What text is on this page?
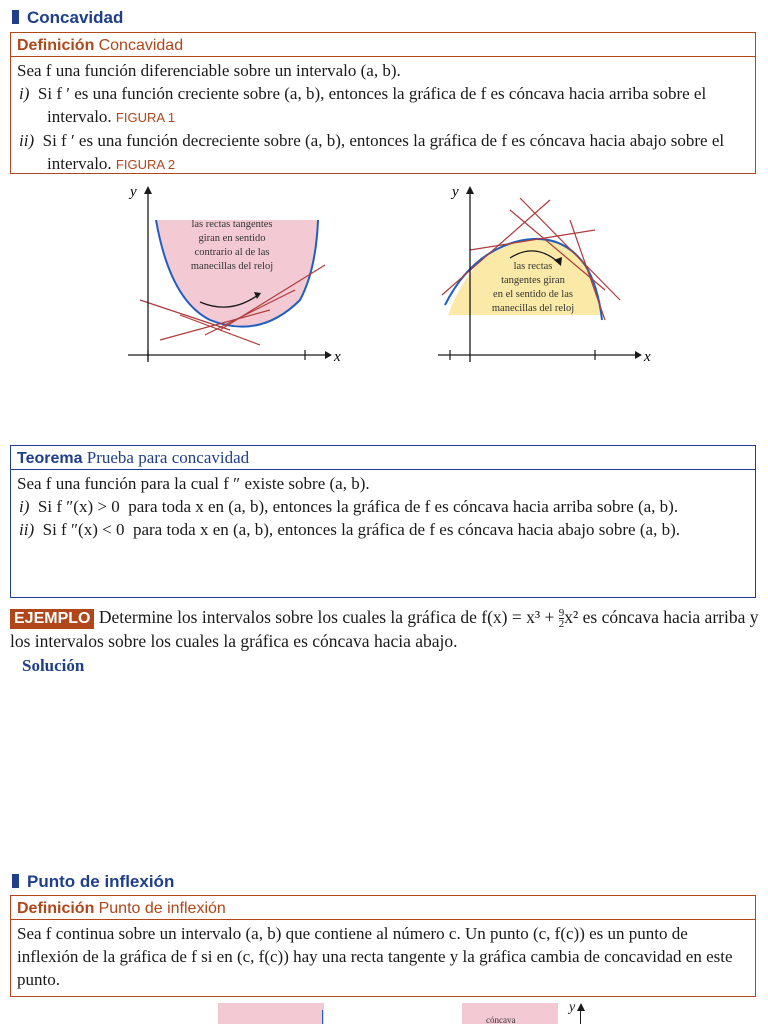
Concavidad
Definición Concavidad
Sea f una función diferenciable sobre un intervalo (a, b).
i) Si f ′ es una función creciente sobre (a, b), entonces la gráfica de f es cóncava hacia arriba sobre el intervalo. FIGURA 1
ii) Si f ′ es una función decreciente sobre (a, b), entonces la gráfica de f es cóncava hacia abajo sobre el intervalo. FIGURA 2
y
x
las rectas tangentes
giran en sentido
contrario al de las
manecillas del reloj
y
x
las rectas
tangentes giran
en el sentido de las
manecillas del reloj
Teorema Prueba para concavidad
Sea f una función para la cual f ″ existe sobre (a, b).
i) Si f ″(x) > 0 para toda x en (a, b), entonces la gráfica de f es cóncava hacia arriba sobre (a, b).
ii) Si f ″(x) < 0 para toda x en (a, b), entonces la gráfica de f es cóncava hacia abajo sobre (a, b).
EJEMPLO Determine los intervalos sobre los cuales la gráfica de $f(x) = x^3 + \frac{9}{2} x^2$ es cóncava hacia arriba y los intervalos sobre los cuales la gráfica es cóncava hacia abajo.
Solución
Punto de inflexión
Definición Punto de inflexión
Sea f continua sobre un intervalo (a, b) que contiene al número c. Un punto (c, f(c)) es un punto de inflexión de la gráfica de f si en (c, f(c)) hay una recta tangente y la gráfica cambia de concavidad en este punto.
cóncava
y
